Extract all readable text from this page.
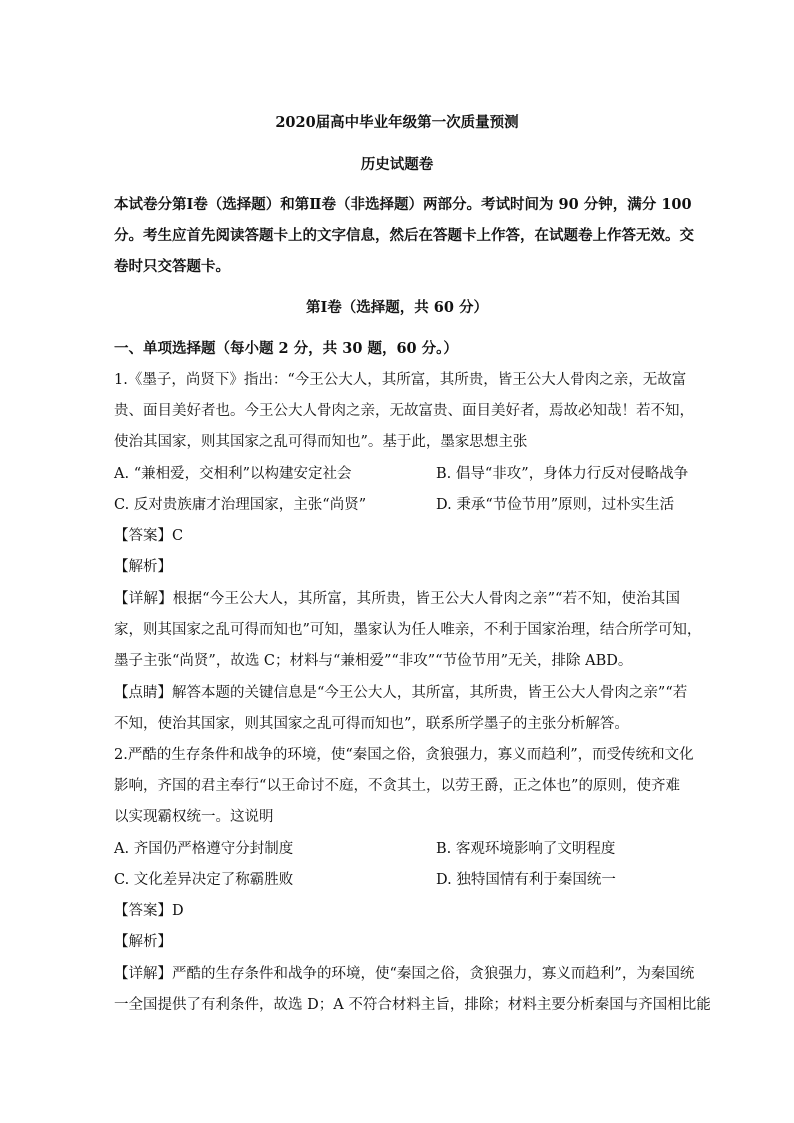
2020届高中毕业年级第一次质量预测
历史试题卷
本试卷分第Ⅰ卷（选择题）和第Ⅱ卷（非选择题）两部分。考试时间为 90 分钟，满分 100
分。考生应首先阅读答题卡上的文字信息，然后在答题卡上作答，在试题卷上作答无效。交
卷时只交答题卡。
第Ⅰ卷（选择题，共 60 分）
一、单项选择题（每小题 2 分，共 30 题，60 分。）
1.《墨子，尚贤下》指出：“今王公大人，其所富，其所贵，皆王公大人骨肉之亲，无故富
贵、面目美好者也。今王公大人骨肉之亲，无故富贵、面目美好者，焉故必知哉！若不知，
使治其国家，则其国家之乱可得而知也”。基于此，墨家思想主张
A. “兼相爱，交相利”以构建安定社会	B. 倡导“非攻”，身体力行反对侵略战争
C. 反对贵族庸才治理国家，主张“尚贤”	D. 秉承“节俭节用”原则，过朴实生活
【答案】C
【解析】
【详解】根据“今王公大人，其所富，其所贵，皆王公大人骨肉之亲”“若不知，使治其国
家，则其国家之乱可得而知也”可知，墨家认为任人唯亲，不利于国家治理，结合所学可知，
墨子主张“尚贤”，故选 C；材料与“兼相爱”“非攻”“节俭节用”无关，排除 ABD。
【点睛】解答本题的关键信息是“今王公大人，其所富，其所贵，皆王公大人骨肉之亲”“若
不知，使治其国家，则其国家之乱可得而知也”，联系所学墨子的主张分析解答。
2.严酷的生存条件和战争的环境，使“秦国之俗，贪狼强力，寡义而趋利”，而受传统和文化
影响，齐国的君主奉行“以王命讨不庭，不贪其土，以劳王爵，正之体也”的原则，使齐难
以实现霸权统一。这说明
A. 齐国仍严格遵守分封制度	B. 客观环境影响了文明程度
C. 文化差异决定了称霸胜败	D. 独特国情有利于秦国统一
【答案】D
【解析】
【详解】严酷的生存条件和战争的环境，使“秦国之俗，贪狼强力，寡义而趋利”，为秦国统
一全国提供了有利条件，故选 D；A 不符合材料主旨，排除；材料主要分析秦国与齐国相比能
